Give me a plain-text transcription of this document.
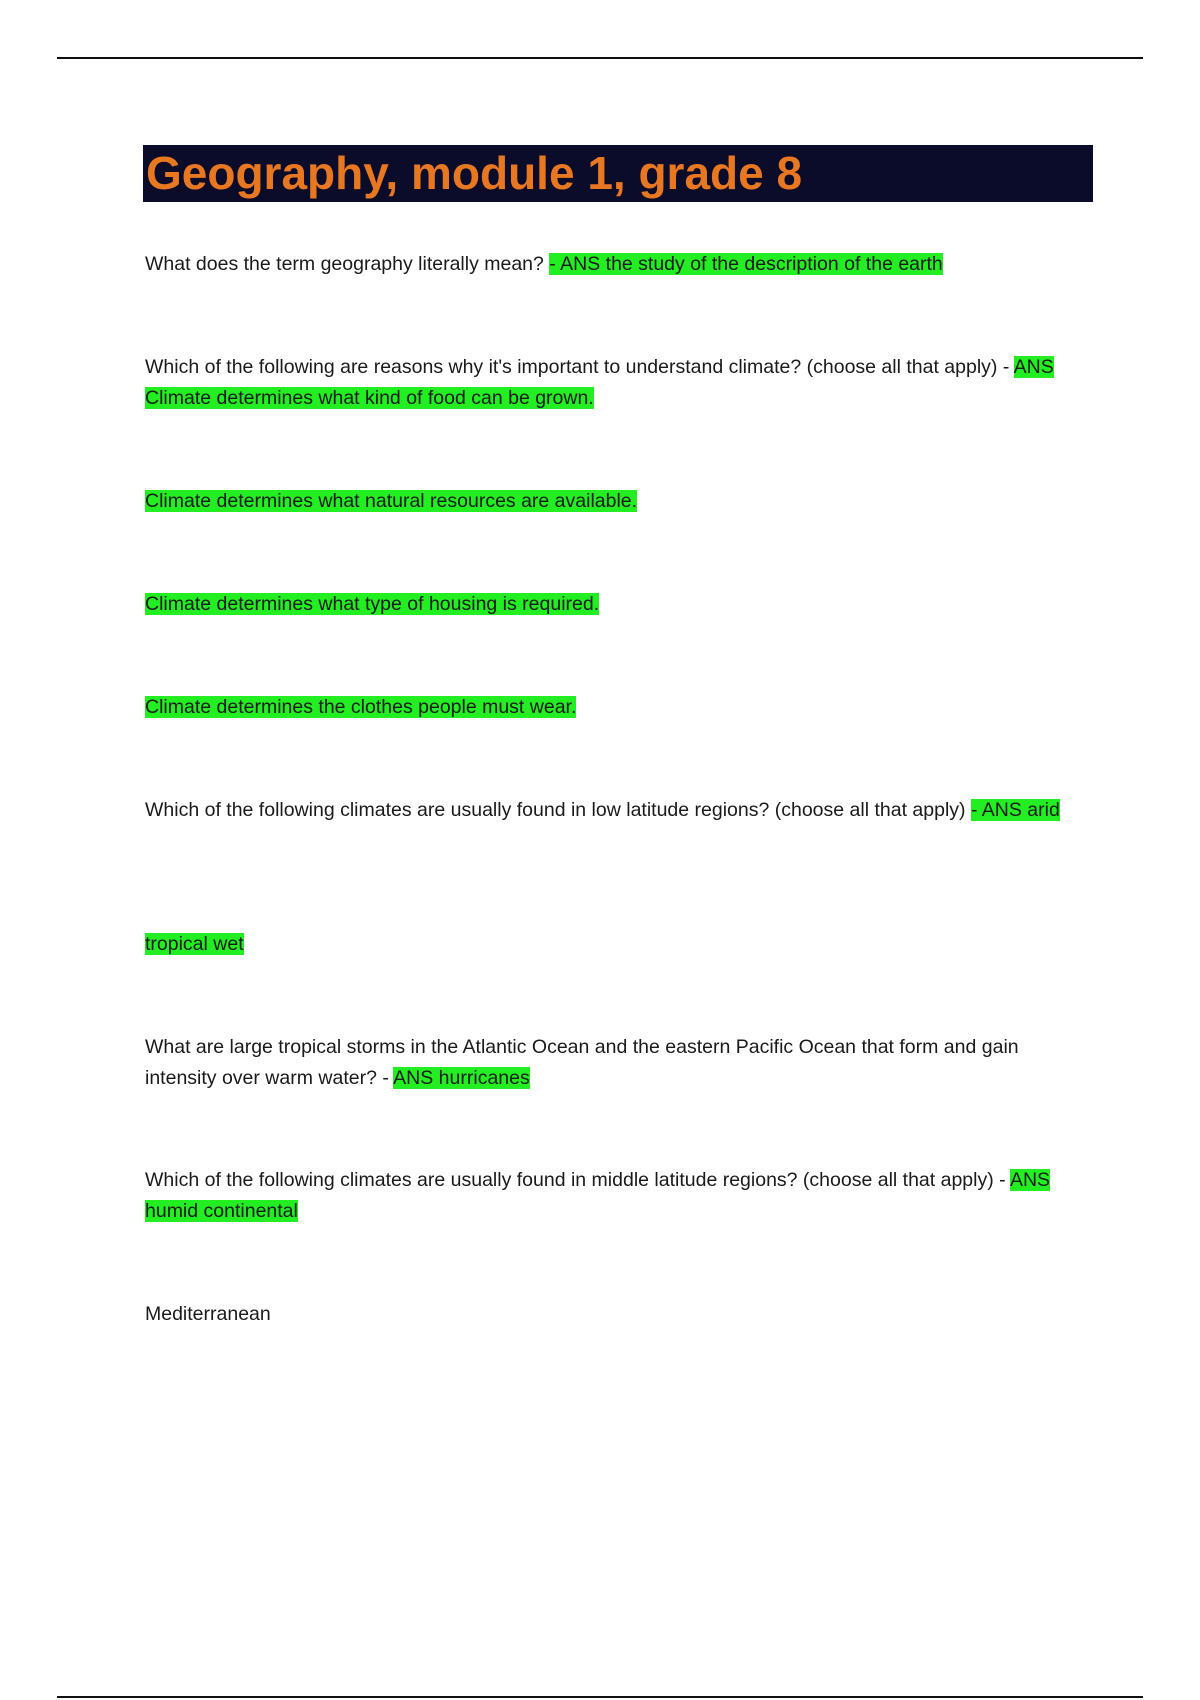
Geography, module 1, grade 8
What does the term geography literally mean? - ANS the study of the description of the earth
Which of the following are reasons why it's important to understand climate? (choose all that apply) - ANS Climate determines what kind of food can be grown.
Climate determines what natural resources are available.
Climate determines what type of housing is required.
Climate determines the clothes people must wear.
Which of the following climates are usually found in low latitude regions? (choose all that apply) - ANS arid
tropical wet
What are large tropical storms in the Atlantic Ocean and the eastern Pacific Ocean that form and gain intensity over warm water? - ANS hurricanes
Which of the following climates are usually found in middle latitude regions? (choose all that apply) - ANS humid continental
Mediterranean
